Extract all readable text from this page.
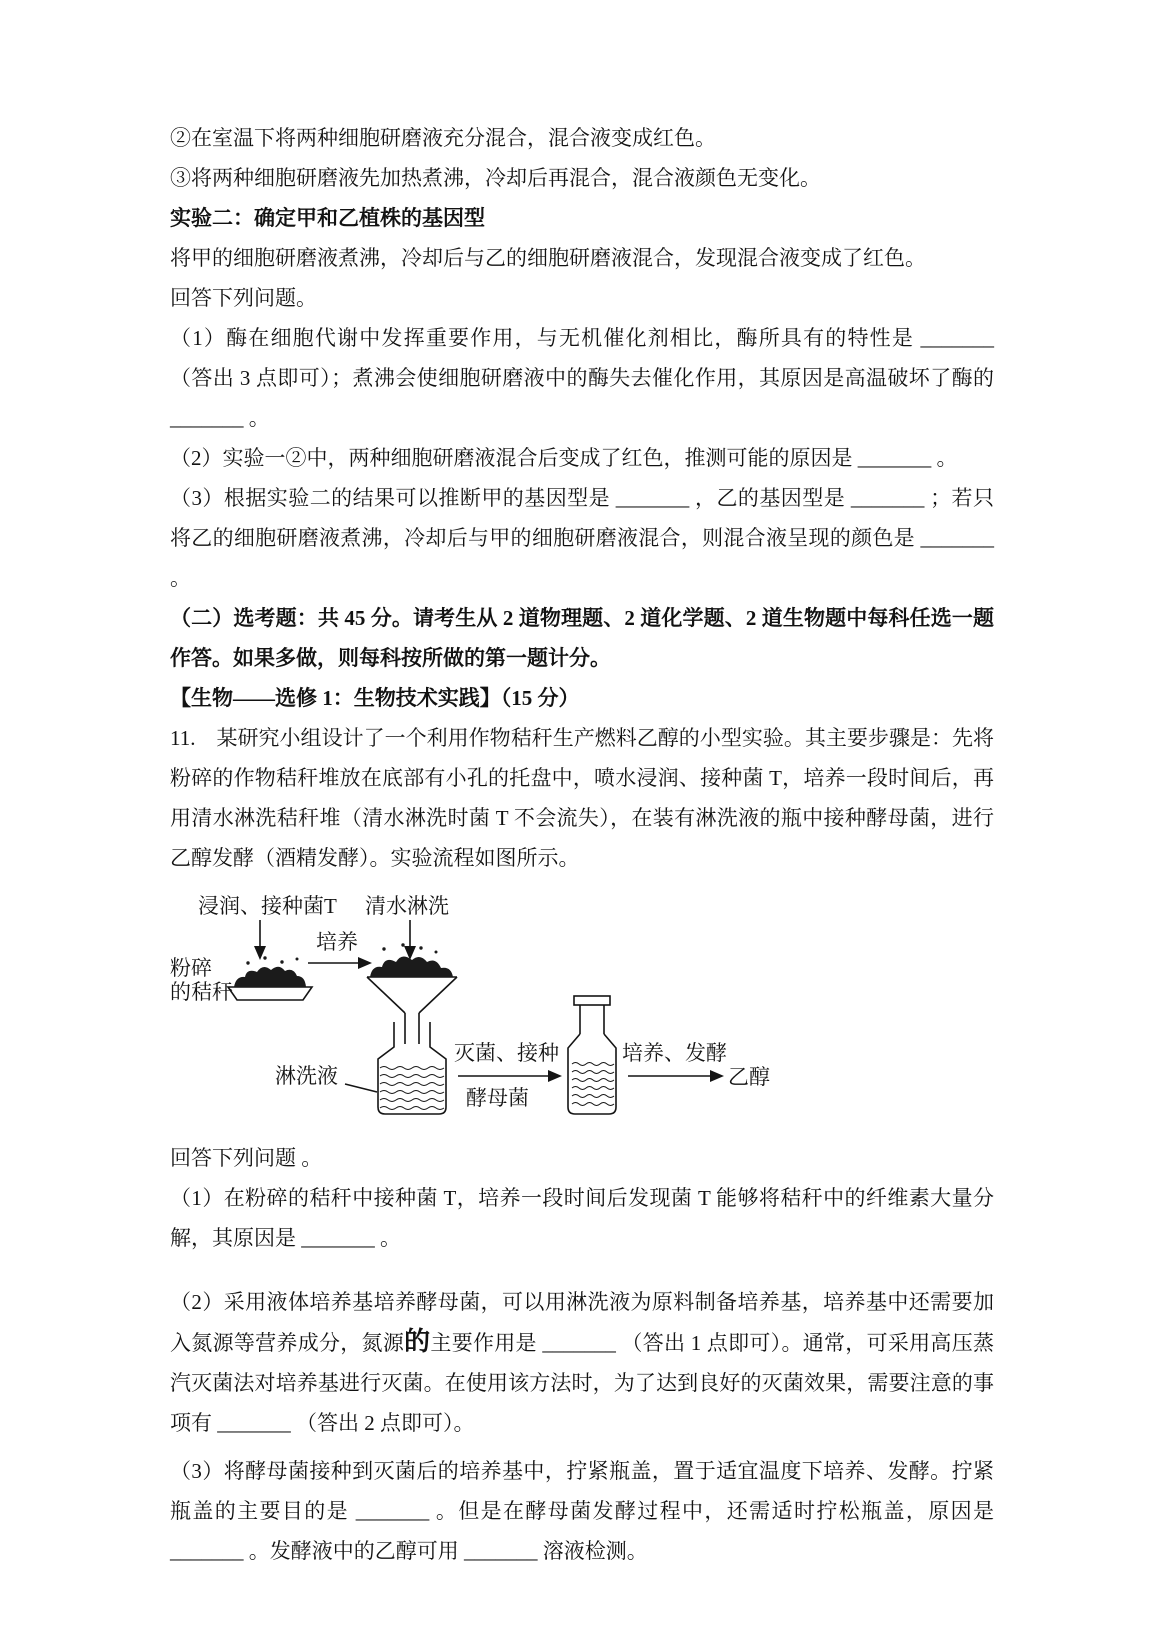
②在室温下将两种细胞研磨液充分混合，混合液变成红色。

③将两种细胞研磨液先加热煮沸，冷却后再混合，混合液颜色无变化。

实验二：确定甲和乙植株的基因型

将甲的细胞研磨液煮沸，冷却后与乙的细胞研磨液混合，发现混合液变成了红色。

回答下列问题。

（1）酶在细胞代谢中发挥重要作用，与无机催化剂相比，酶所具有的特性是 _______ （答出 3 点即可）；煮沸会使细胞研磨液中的酶失去催化作用，其原因是高温破坏了酶的 _______ 。

（2）实验一②中，两种细胞研磨液混合后变成了红色，推测可能的原因是 _______ 。

（3）根据实验二的结果可以推断甲的基因型是 _______ ，乙的基因型是 _______ ；若只将乙的细胞研磨液煮沸，冷却后与甲的细胞研磨液混合，则混合液呈现的颜色是 _______ 。

（二）选考题：共 45 分。请考生从 2 道物理题、2 道化学题、2 道生物题中每科任选一题作答。如果多做，则每科按所做的第一题计分。

【生物——选修 1：生物技术实践】（15 分）

11.　某研究小组设计了一个利用作物秸秆生产燃料乙醇的小型实验。其主要步骤是：先将粉碎的作物秸秆堆放在底部有小孔的托盘中，喷水浸润、接种菌 T，培养一段时间后，再用清水淋洗秸秆堆（清水淋洗时菌 T 不会流失），在装有淋洗液的瓶中接种酵母菌，进行乙醇发酵（酒精发酵）。实验流程如图所示。

浸润、接种菌T 清水淋洗
粉碎
的秸秆
培养
淋洗液
灭菌、接种
酵母菌
培养、发酵
乙醇

回答下列问题 。

（1）在粉碎的秸秆中接种菌 T，培养一段时间后发现菌 T 能够将秸秆中的纤维素大量分解，其原因是 _______ 。

（2）采用液体培养基培养酵母菌，可以用淋洗液为原料制备培养基，培养基中还需要加入氮源等营养成分，氮源的主要作用是 _______ （答出 1 点即可）。通常，可采用高压蒸汽灭菌法对培养基进行灭菌。在使用该方法时，为了达到良好的灭菌效果，需要注意的事项有 _______ （答出 2 点即可）。

（3）将酵母菌接种到灭菌后的培养基中，拧紧瓶盖，置于适宜温度下培养、发酵。拧紧瓶盖的主要目的是 _______ 。但是在酵母菌发酵过程中，还需适时拧松瓶盖，原因是 _______ 。发酵液中的乙醇可用 _______ 溶液检测。
